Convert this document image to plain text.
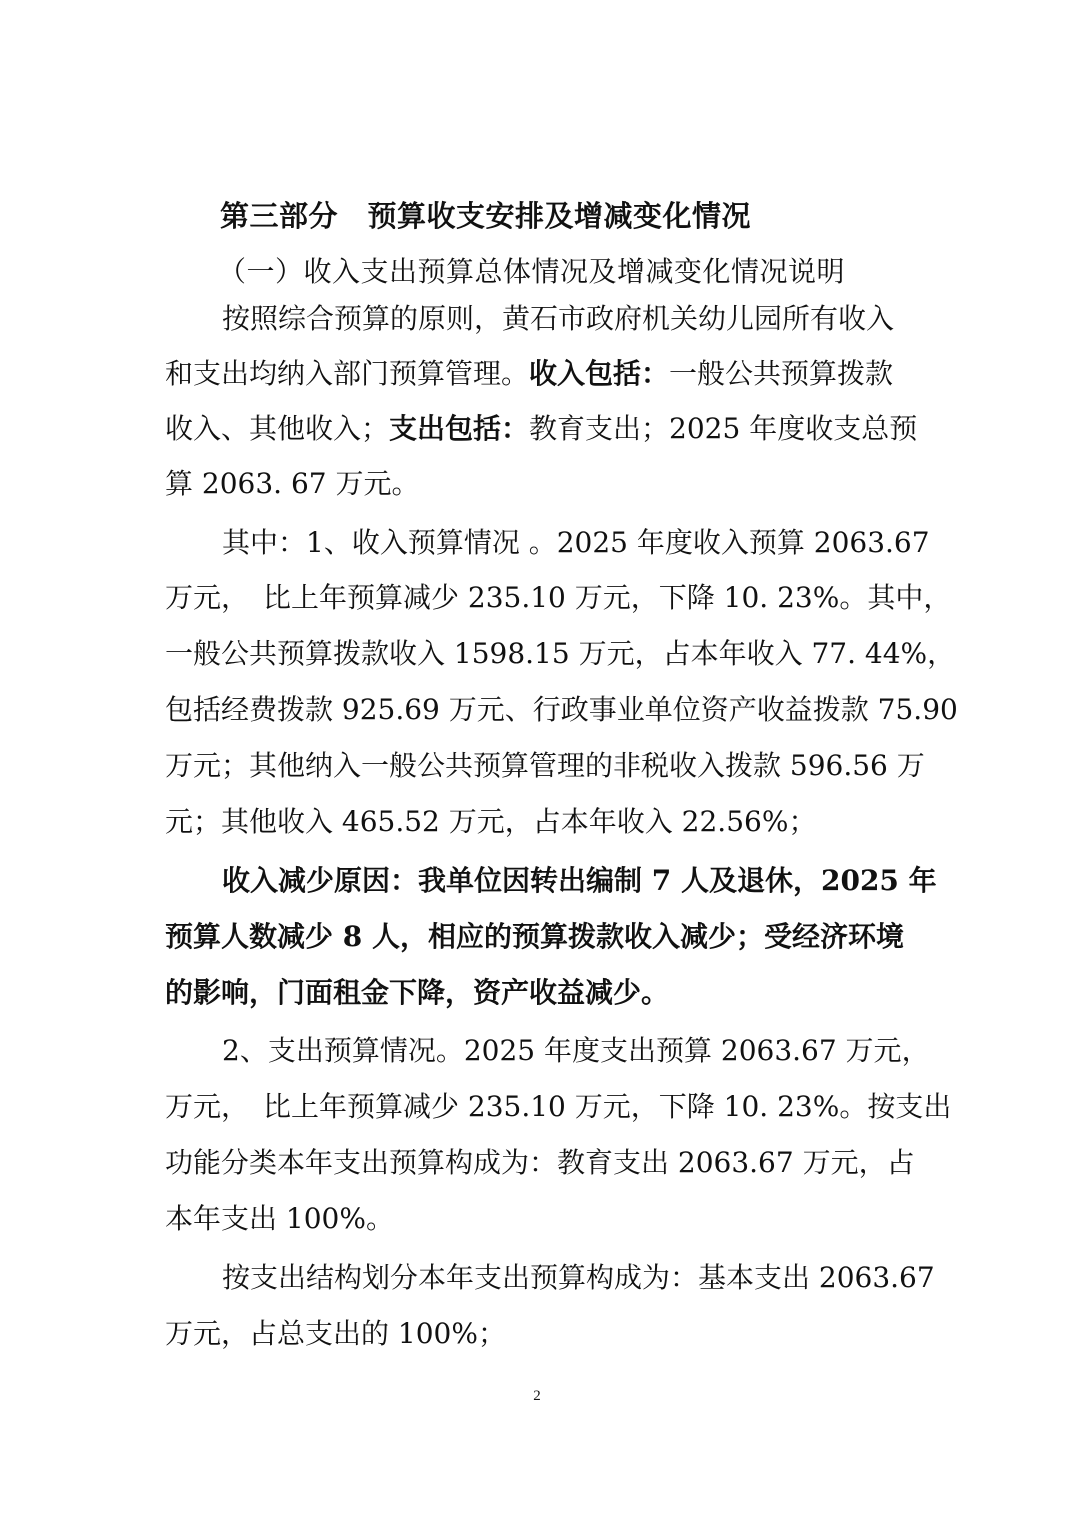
第三部分　预算收支安排及增减变化情况
（一）收入支出预算总体情况及增减变化情况说明
按照综合预算的原则，黄石市政府机关幼儿园所有收入
和支出均纳入部门预算管理。收入包括：一般公共预算拨款
收入、其他收入；支出包括：教育支出；2025 年度收支总预
算 2063. 67 万元。
其中：1、收入预算情况 。2025 年度收入预算 2063.67
万元，　比上年预算减少 235.10 万元，下降 10. 23%。其中，
一般公共预算拨款收入 1598.15 万元，占本年收入 77. 44%，
包括经费拨款 925.69 万元、行政事业单位资产收益拨款 75.90
万元；其他纳入一般公共预算管理的非税收入拨款 596.56 万
元；其他收入 465.52 万元，占本年收入 22.56%；
收入减少原因：我单位因转出编制 7 人及退休，2025 年
预算人数减少 8 人，相应的预算拨款收入减少；受经济环境
的影响，门面租金下降，资产收益减少。
2、支出预算情况。2025 年度支出预算 2063.67 万元，
万元，　比上年预算减少 235.10 万元，下降 10. 23%。按支出
功能分类本年支出预算构成为：教育支出 2063.67 万元，占
本年支出 100%。
按支出结构划分本年支出预算构成为：基本支出 2063.67
万元，占总支出的 100%；
2
